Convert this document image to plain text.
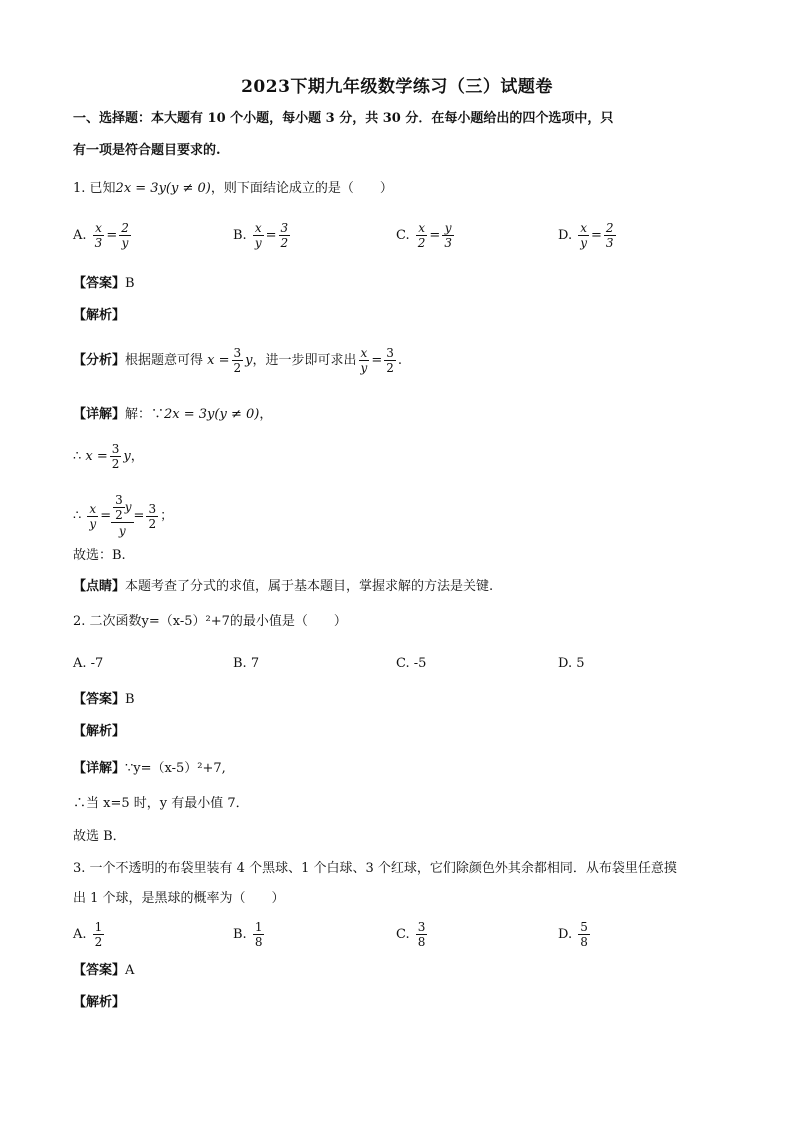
2023下期九年级数学练习（三）试题卷
一、选择题：本大题有 10 个小题，每小题 3 分，共 30 分．在每小题给出的四个选项中，只
有一项是符合题目要求的.
1. 已知2x = 3y(y ≠ 0)，则下面结论成立的是（　　）
A. $\frac{x}{3} = \frac{2}{y}$	B. $\frac{x}{y} = \frac{3}{2}$	C. $\frac{x}{2} = \frac{y}{3}$	D. $\frac{x}{y} = \frac{2}{3}$
【答案】B
【解析】
【分析】根据题意可得 $x = \frac{3}{2}$ y，进一步即可求出 $\frac{x}{y} = \frac{3}{2}$ .
【详解】解：∵2x = 3y(y ≠ 0)，
∴ $x = \frac{3}{2}$ y，
∴ $\frac{x}{y} = \frac{\frac{3}{2} y}{y}= \frac{3}{2}$ ；
故选：B.
【点睛】本题考查了分式的求值，属于基本题目，掌握求解的方法是关键.
2. 二次函数y=（x-5）²+7的最小值是（　　）
A. -7	B. 7	C. -5	D. 5
【答案】B
【解析】
【详解】∵y=（x-5）²+7,
∴当 x=5 时，y 有最小值 7．
故选 B．
3. 一个不透明的布袋里装有 4 个黑球、1 个白球、3 个红球，它们除颜色外其余都相同．从布袋里任意摸
出 1 个球，是黑球的概率为（　　）
A. $\frac{1}{2}$	B. $\frac{1}{8}$	C. $\frac{3}{8}$	D. $\frac{5}{8}$
【答案】A
【解析】
